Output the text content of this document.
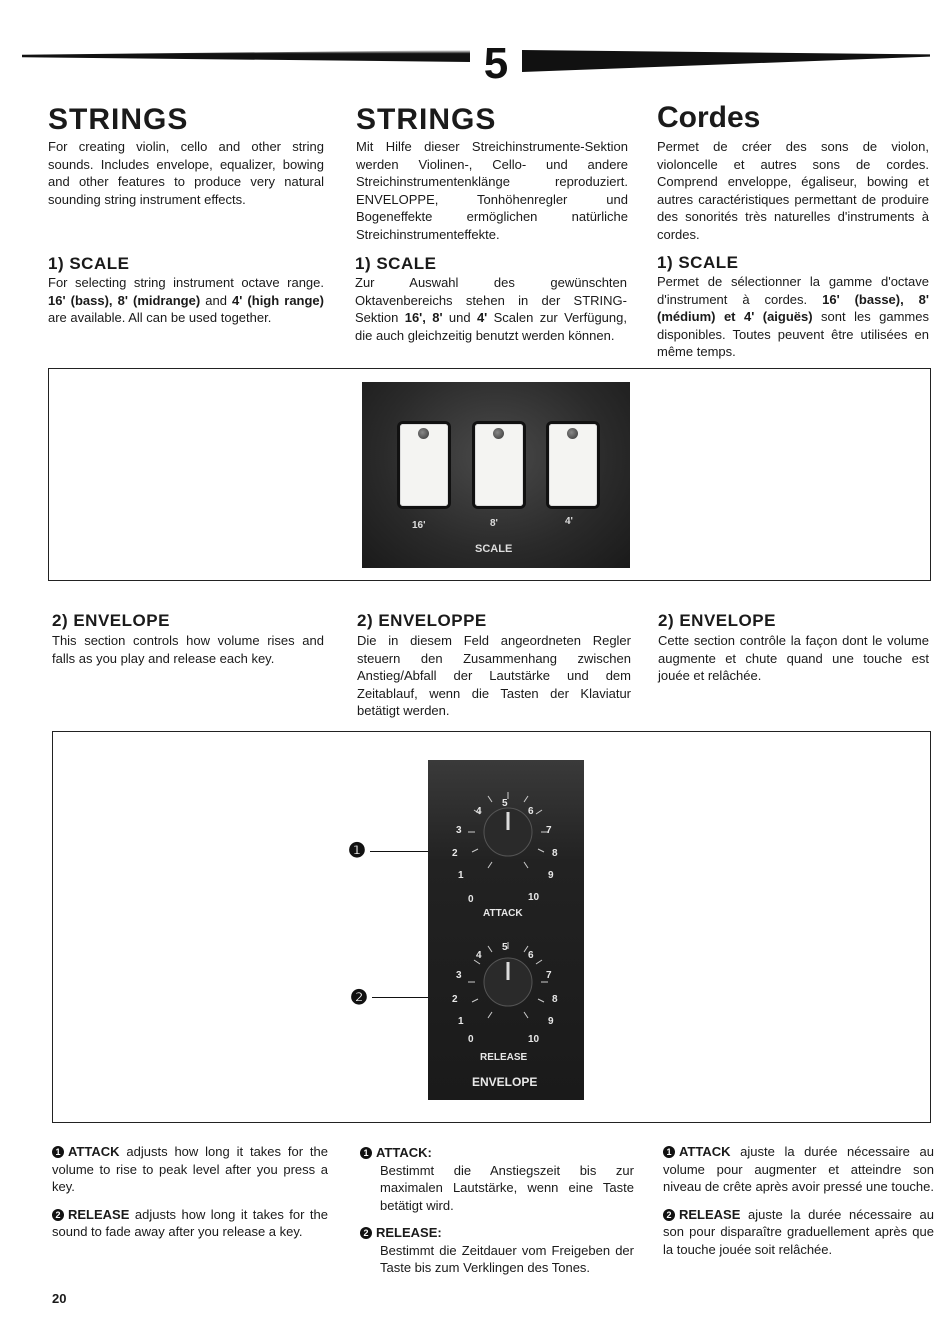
5
STRINGS

For creating violin, cello and other string sounds. Includes envelope, equalizer, bowing and other features to produce very natural sounding string instrument effects.

STRINGS

Mit Hilfe dieser Streichinstrumente-Sektion werden Violinen-, Cello- und andere Streichinstrumentenklänge reproduziert. ENVELOPPE, Tonhöhenregler und Bogeneffekte ermöglichen natürliche Streichinstrumenteffekte.

Cordes

Permet de créer des sons de violon, violoncelle et autres sons de cordes. Comprend enveloppe, égaliseur, bowing et autres caractéristiques permettant de produire des sonorités très naturelles d'instruments à cordes.

1) SCALE

For selecting string instrument octave range. 16' (bass), 8' (midrange) and 4' (high range) are available. All can be used together.

1) SCALE

Zur Auswahl des gewünschten Oktavenbereichs stehen in der STRING-Sektion 16', 8' und 4' Scalen zur Verfügung, die auch gleichzeitig benutzt werden können.

1) SCALE

Permet de sélectionner la gamme d'octave d'instrument à cordes. 16' (basse), 8' (médium) et 4' (aiguës) sont les gammes disponibles. Toutes peuvent être utilisées en même temps.

16'	8'	4'
SCALE
2) ENVELOPE

This section controls how volume rises and falls as you play and release each key.

2) ENVELOPPE

Die in diesem Feld angeordneten Regler steuern den Zusammenhang zwischen Anstieg/Abfall der Lautstärke und dem Zeitablauf, wenn die Tasten der Klaviatur betätigt werden.

2) ENVELOPE

Cette section contrôle la façon dont le volume augmente et chute quand une touche est jouée et relâchée.

0
1
2
3
4
5
6
7
8
9
10
ATTACK
0
1
2
3
4
5
6
7
8
9
10
RELEASE
ENVELOPE
❶
❷

1 ATTACK adjusts how long it takes for the volume to rise to peak level after you press a key.

2 RELEASE adjusts how long it takes for the sound to fade away after you release a key.

1 ATTACK:

Bestimmt die Anstiegszeit bis zur maximalen Lautstärke, wenn eine Taste betätigt wird.

2 RELEASE:

Bestimmt die Zeitdauer vom Freigeben der Taste bis zum Verklingen des Tones.

1 ATTACK ajuste la durée nécessaire au volume pour augmenter et atteindre son niveau de crête après avoir pressé une touche.

2 RELEASE ajuste la durée nécessaire au son pour disparaître graduellement après que la touche jouée soit relâchée.

20
